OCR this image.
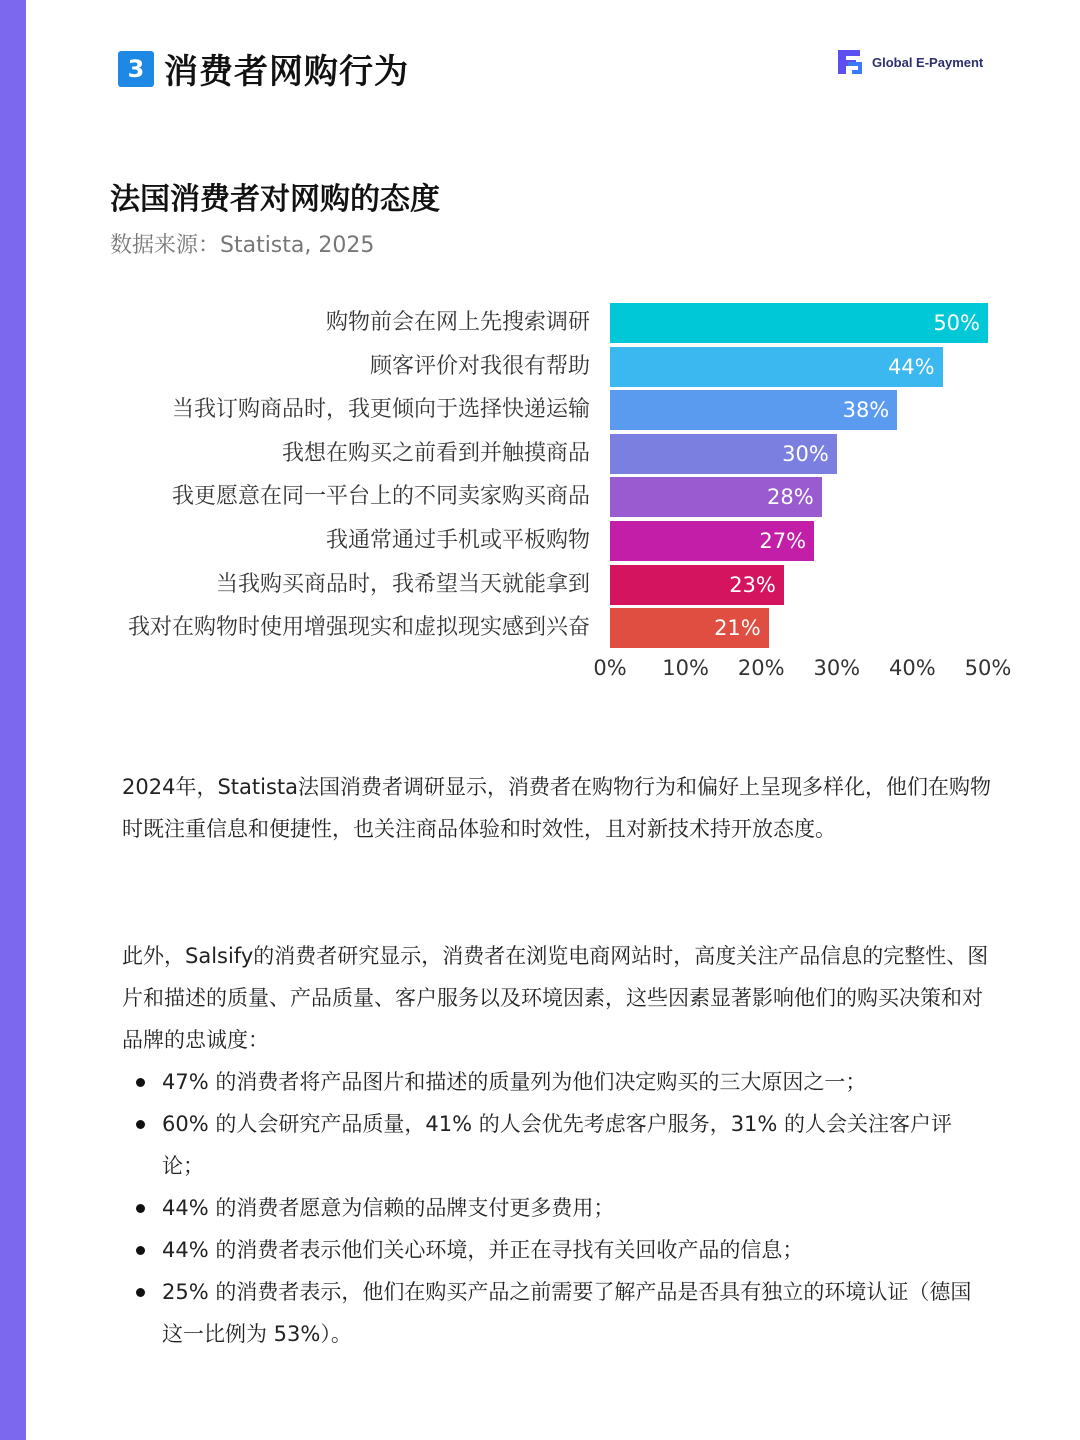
3 消费者网购行为	Global E-Payment
法国消费者对网购的态度
数据来源：Statista, 2025
购物前会在网上先搜索调研	50%
顾客评价对我很有帮助	44%
当我订购商品时，我更倾向于选择快递运输	38%
我想在购买之前看到并触摸商品	30%
我更愿意在同一平台上的不同卖家购买商品	28%
我通常通过手机或平板购物	27%
当我购买商品时，我希望当天就能拿到	23%
我对在购物时使用增强现实和虚拟现实感到兴奋	21%
0% 10% 20% 30% 40% 50%
2024年，Statista法国消费者调研显示，消费者在购物行为和偏好上呈现多样化，他们在购物时既注重信息和便捷性，也关注商品体验和时效性，且对新技术持开放态度。
此外，Salsify的消费者研究显示，消费者在浏览电商网站时，高度关注产品信息的完整性、图片和描述的质量、产品质量、客户服务以及环境因素，这些因素显著影响他们的购买决策和对品牌的忠诚度：
47% 的消费者将产品图片和描述的质量列为他们决定购买的三大原因之一；
60% 的人会研究产品质量，41% 的人会优先考虑客户服务，31% 的人会关注客户评论；
44% 的消费者愿意为信赖的品牌支付更多费用；
44% 的消费者表示他们关心环境，并正在寻找有关回收产品的信息；
25% 的消费者表示，他们在购买产品之前需要了解产品是否具有独立的环境认证（德国这一比例为 53%）。
